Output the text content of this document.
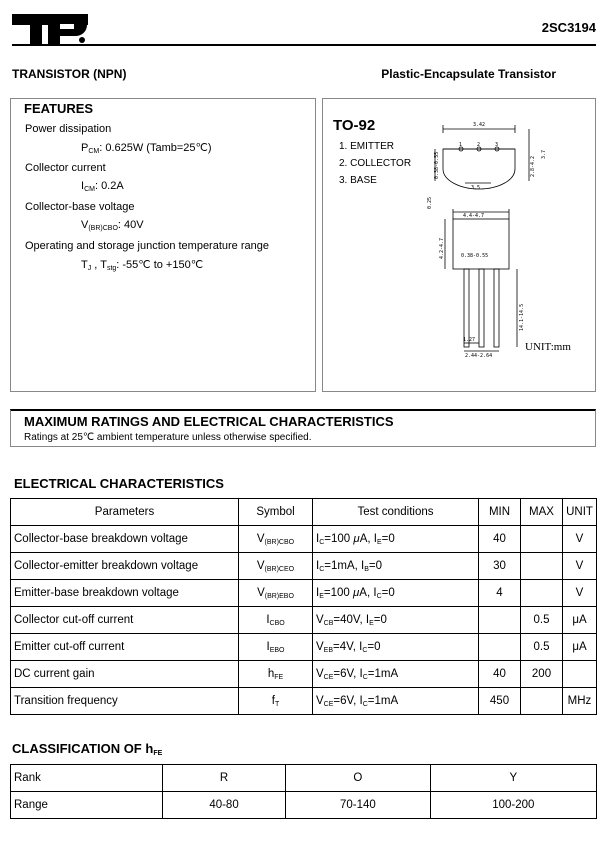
2SC3194
TRANSISTOR (NPN)	Plastic-Encapsulate Transistor
FEATURES
Power dissipation
$P_{CM}$: 0.625W (Tamb=25℃)
Collector current
$I_{CM}$: 0.2A
Collector-base voltage
$V_{(BR)CBO}$: 40V
Operating and storage junction temperature range
$T_J$ , $T_{stg}$: -55℃ to +150℃
TO-92
1. EMITTER
2. COLLECTOR
3. BASE
3.42
1	2	3
3.5
4.4-4.7
0.38-0.55
1.27
2.44-2.64
0.38-0.55	2.8-4.2
4.2-4.7
14.1-14.5
3.7
0.25
UNIT:mm
MAXIMUM RATINGS AND ELECTRICAL CHARACTERISTICS
Ratings at 25℃ ambient temperature unless otherwise specified.
ELECTRICAL CHARACTERISTICS
Parameters	Symbol	Test conditions	MIN	MAX	UNIT
Collector-base breakdown voltage	$V_{(BR)CBO}$	$I_C=100$ μA, $I_E=0$	40		V
Collector-emitter breakdown voltage	$V_{(BR)CEO}$	$I_C=1mA$, $I_B=0$	30		V
Emitter-base breakdown voltage	$V_{(BR)EBO}$	$I_E=100$ μA, $I_C=0$	4		V
Collector cut-off current	$I_{CBO}$	$V_{CB}=40V$, $I_E=0$		0.5	μA
Emitter cut-off current	$I_{EBO}$	$V_{EB}=4V$, $I_C=0$		0.5	μA
DC current gain	$h_{FE}$	$V_{CE}=6V$, $I_C=1mA$	40	200	
Transition frequency	$f_T$	$V_{CE}=6V$, $I_C=1mA$	450		MHz
CLASSIFICATION OF $h_{FE}$
Rank	R	O	Y
Range	40-80	70-140	100-200
